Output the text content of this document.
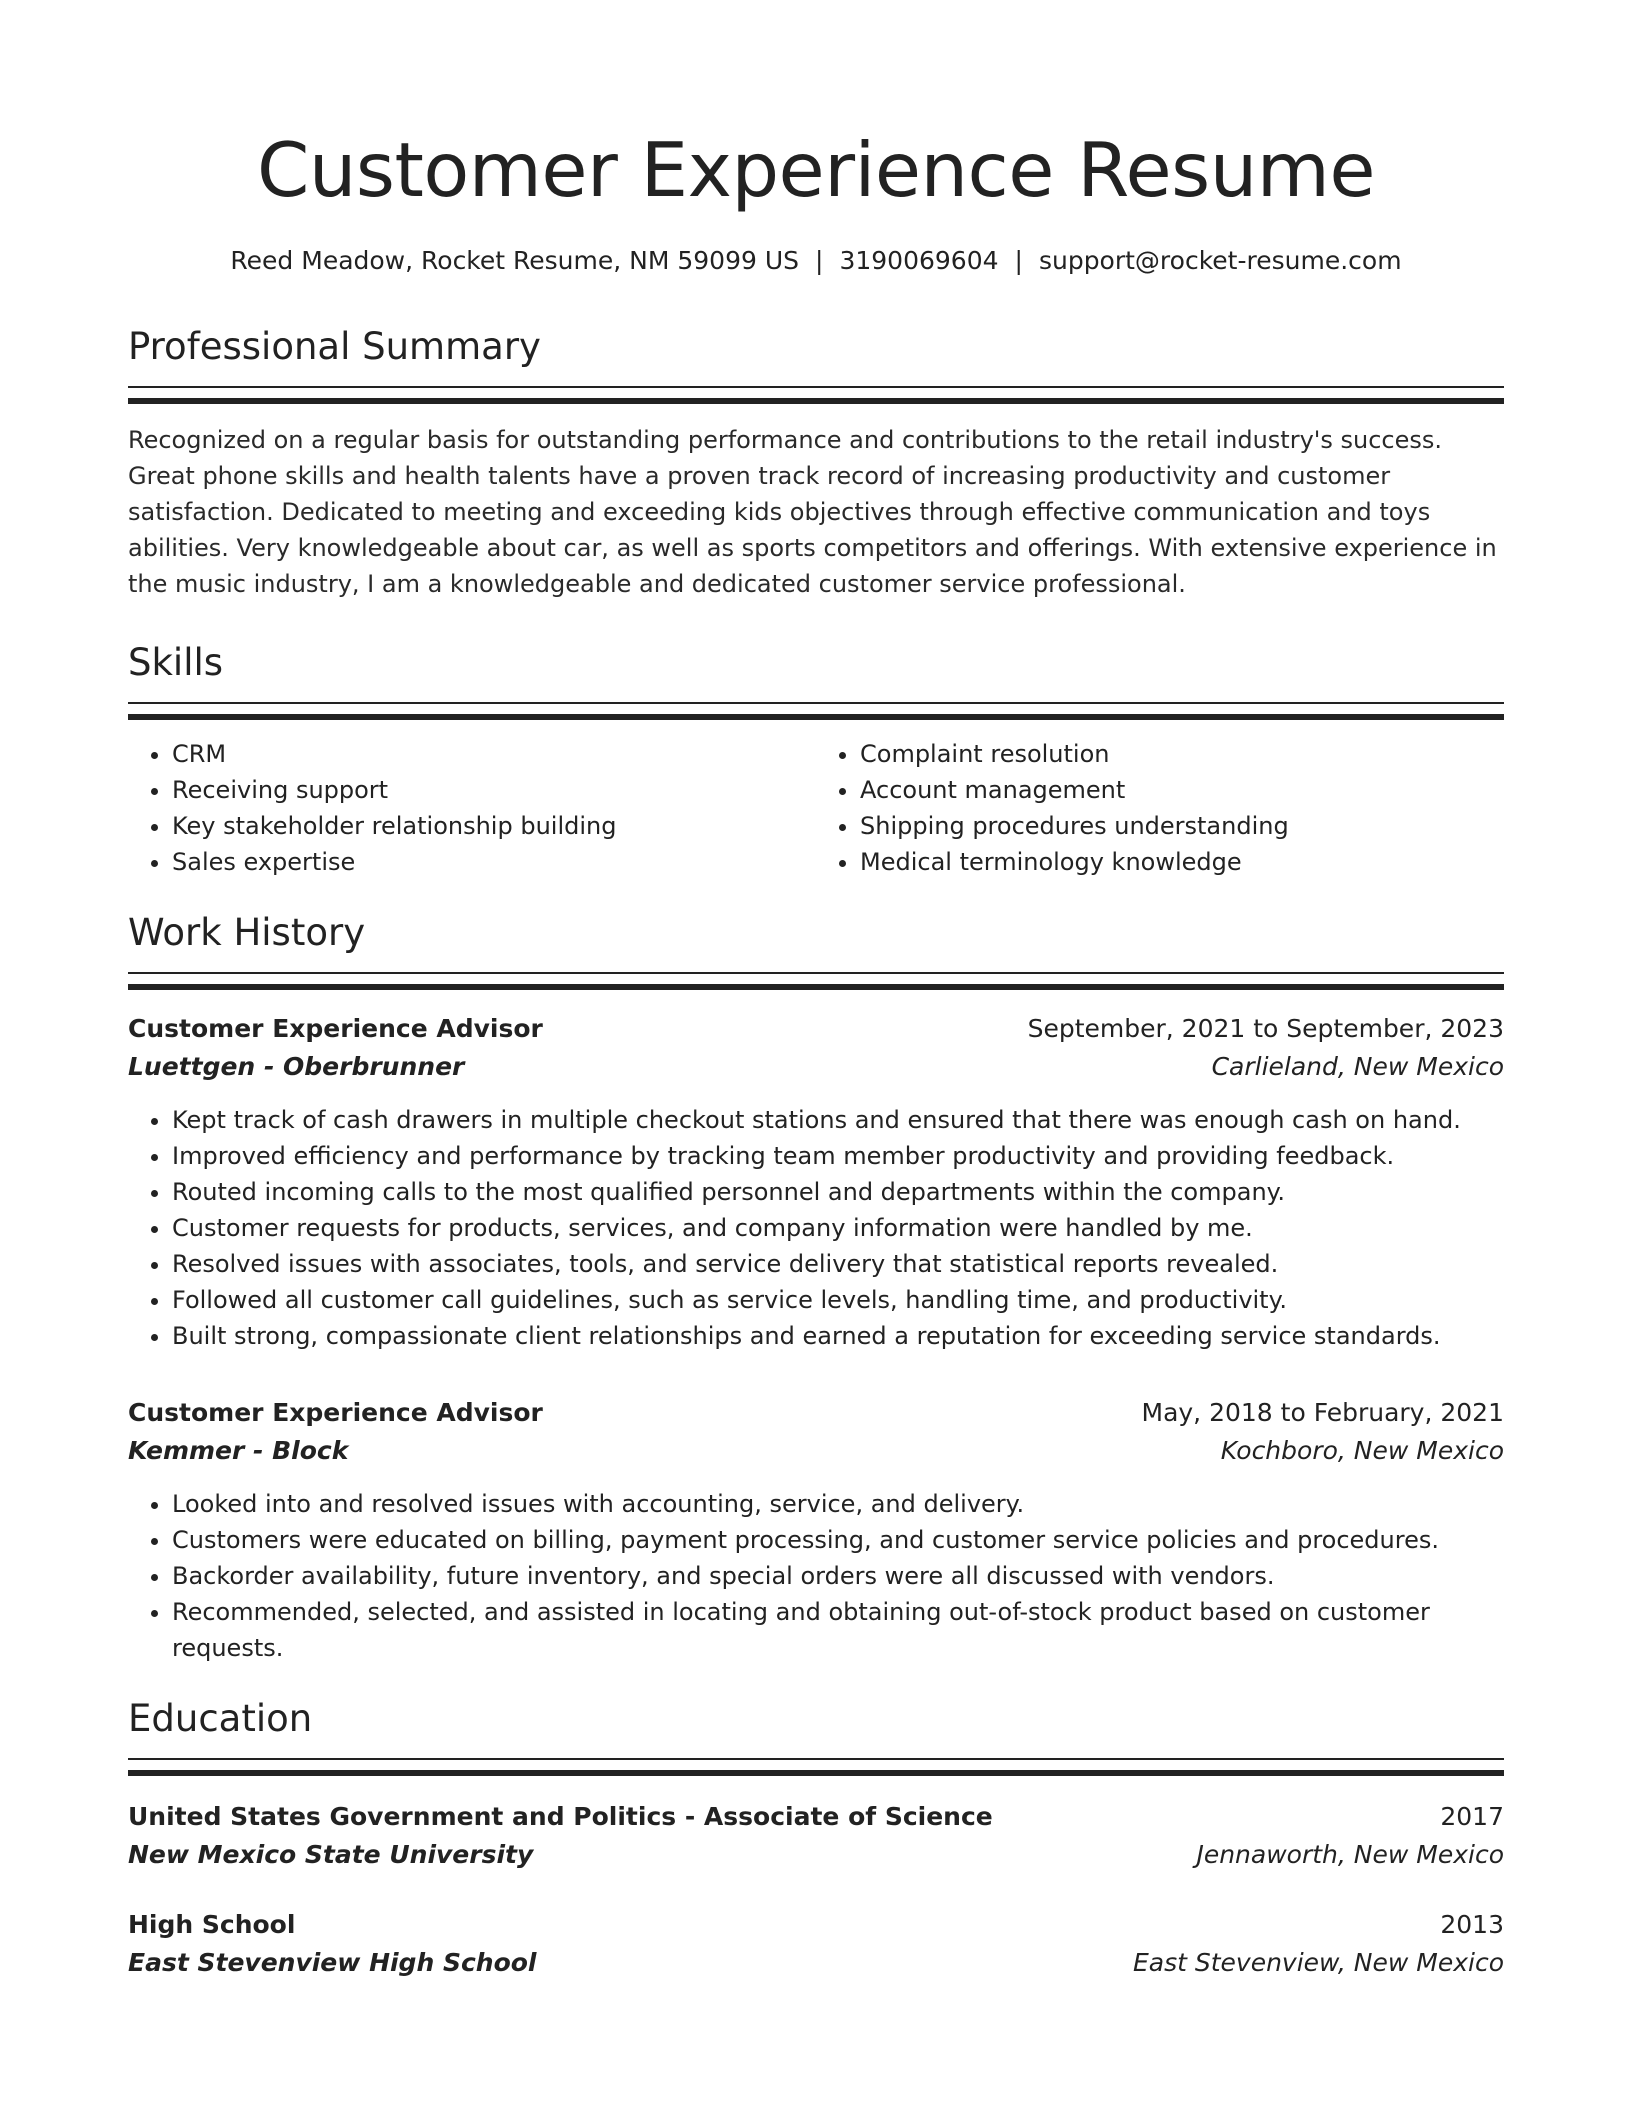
Customer Experience Resume
Reed Meadow, Rocket Resume, NM 59099 US | 3190069604 | support@rocket-resume.com
Professional Summary

Recognized on a regular basis for outstanding performance and contributions to the retail industry's success. Great phone skills and health talents have a proven track record of increasing productivity and customer satisfaction. Dedicated to meeting and exceeding kids objectives through effective communication and toys abilities. Very knowledgeable about car, as well as sports competitors and offerings. With extensive experience in the music industry, I am a knowledgeable and dedicated customer service professional.

Skills
• CRM
• Receiving support
• Key stakeholder relationship building
• Sales expertise
• Complaint resolution
• Account management
• Shipping procedures understanding
• Medical terminology knowledge
Work History
Customer Experience Advisor	September, 2021 to September, 2023
Luettgen - Oberbrunner	Carlieland, New Mexico
• Kept track of cash drawers in multiple checkout stations and ensured that there was enough cash on hand.
• Improved efficiency and performance by tracking team member productivity and providing feedback.
• Routed incoming calls to the most qualified personnel and departments within the company.
• Customer requests for products, services, and company information were handled by me.
• Resolved issues with associates, tools, and service delivery that statistical reports revealed.
• Followed all customer call guidelines, such as service levels, handling time, and productivity.
• Built strong, compassionate client relationships and earned a reputation for exceeding service standards.
Customer Experience Advisor	May, 2018 to February, 2021
Kemmer - Block	Kochboro, New Mexico
• Looked into and resolved issues with accounting, service, and delivery.
• Customers were educated on billing, payment processing, and customer service policies and procedures.
• Backorder availability, future inventory, and special orders were all discussed with vendors.
• Recommended, selected, and assisted in locating and obtaining out-of-stock product based on customer requests.
Education
United States Government and Politics - Associate of Science	2017
New Mexico State University	Jennaworth, New Mexico
High School	2013
East Stevenview High School	East Stevenview, New Mexico
